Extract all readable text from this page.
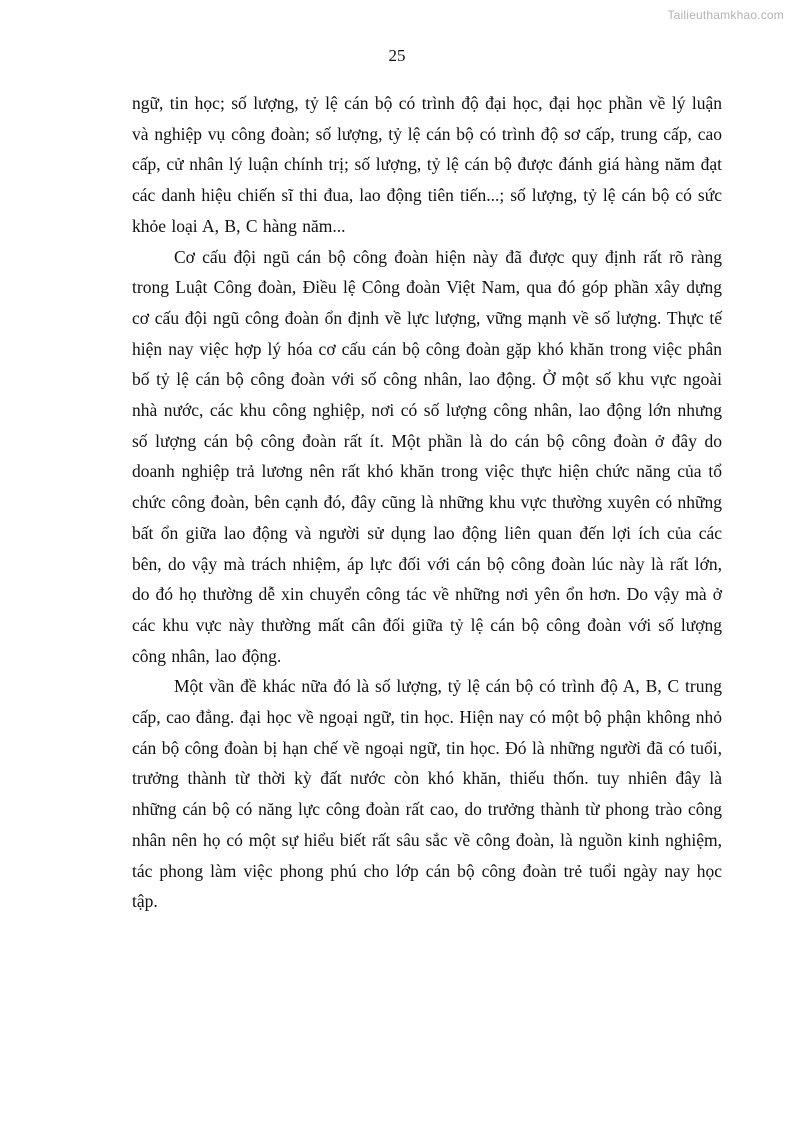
Tailieuthamkhao.com
25

ngữ, tin học; số lượng, tỷ lệ cán bộ có trình độ đại học, đại học phần về lý luận và nghiệp vụ công đoàn; số lượng, tỷ lệ cán bộ có trình độ sơ cấp, trung cấp, cao cấp, cử nhân lý luận chính trị; số lượng, tỷ lệ cán bộ được đánh giá hàng năm đạt các danh hiệu chiến sĩ thi đua, lao động tiên tiến...; số lượng, tỷ lệ cán bộ có sức khỏe loại A, B, C hàng năm...

Cơ cấu đội ngũ cán bộ công đoàn hiện này đã được quy định rất rõ ràng trong Luật Công đoàn, Điều lệ Công đoàn Việt Nam, qua đó góp phần xây dựng cơ cấu đội ngũ công đoàn ổn định về lực lượng, vững mạnh về số lượng. Thực tế hiện nay việc hợp lý hóa cơ cấu cán bộ công đoàn gặp khó khăn trong việc phân bố tỷ lệ cán bộ công đoàn với số công nhân, lao động. Ở một số khu vực ngoài nhà nước, các khu công nghiệp, nơi có số lượng công nhân, lao động lớn nhưng số lượng cán bộ công đoàn rất ít. Một phần là do cán bộ công đoàn ở đây do doanh nghiệp trả lương nên rất khó khăn trong việc thực hiện chức năng của tổ chức công đoàn, bên cạnh đó, đây cũng là những khu vực thường xuyên có những bất ổn giữa lao động và người sử dụng lao động liên quan đến lợi ích của các bên, do vậy mà trách nhiệm, áp lực đối với cán bộ công đoàn lúc này là rất lớn, do đó họ thường dễ xin chuyển công tác về những nơi yên ổn hơn. Do vậy mà ở các khu vực này thường mất cân đối giữa tỷ lệ cán bộ công đoàn với số lượng công nhân, lao động.

Một vần đề khác nữa đó là số lượng, tỷ lệ cán bộ có trình độ A, B, C trung cấp, cao đẳng. đại học về ngoại ngữ, tin học. Hiện nay có một bộ phận không nhỏ cán bộ công đoàn bị hạn chế về ngoại ngữ, tin học. Đó là những người đã có tuổi, trưởng thành từ thời kỳ đất nước còn khó khăn, thiếu thốn. tuy nhiên đây là những cán bộ có năng lực công đoàn rất cao, do trưởng thành từ phong trào công nhân nên họ có một sự hiểu biết rất sâu sắc về công đoàn, là nguồn kinh nghiệm, tác phong làm việc phong phú cho lớp cán bộ công đoàn trẻ tuổi ngày nay học tập.
